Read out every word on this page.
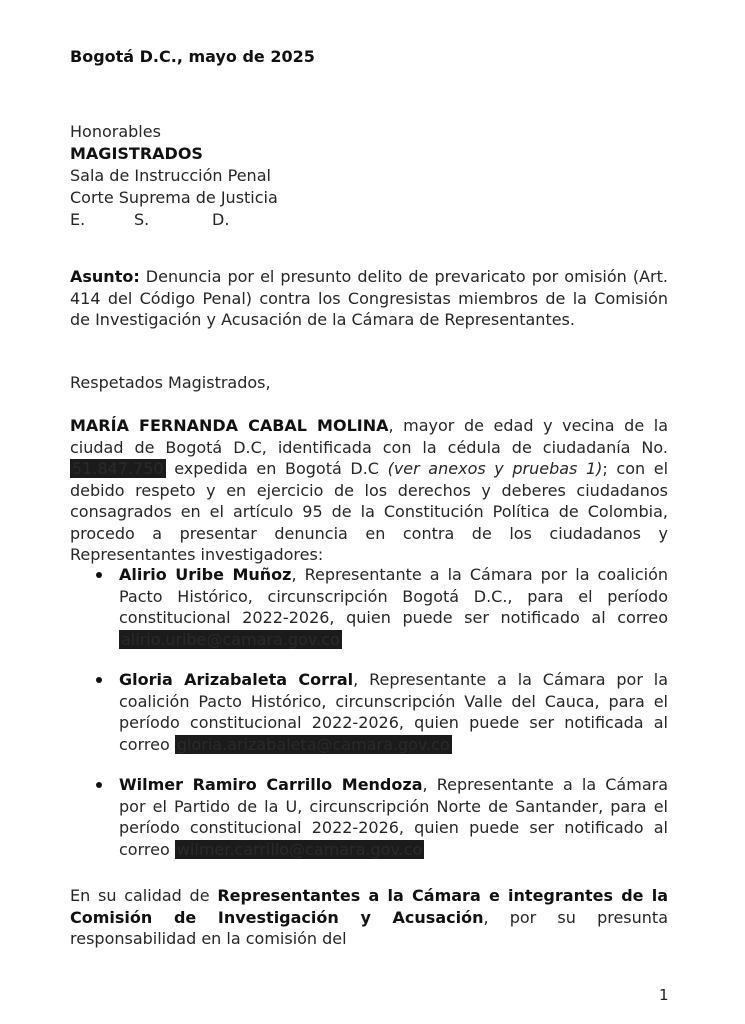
Bogotá D.C., mayo de 2025
Honorables
MAGISTRADOS
Sala de Instrucción Penal
Corte Suprema de Justicia
E.	S.	D.
Asunto: Denuncia por el presunto delito de prevaricato por omisión (Art. 414 del Código Penal) contra los Congresistas miembros de la Comisión de Investigación y Acusación de la Cámara de Representantes.
Respetados Magistrados,
MARÍA FERNANDA CABAL MOLINA, mayor de edad y vecina de la ciudad de Bogotá D.C, identificada con la cédula de ciudadanía No. 51.847.750 expedida en Bogotá D.C (ver anexos y pruebas 1); con el debido respeto y en ejercicio de los derechos y deberes ciudadanos consagrados en el artículo 95 de la Constitución Política de Colombia, procedo a presentar denuncia en contra de los ciudadanos y Representantes investigadores:
Alirio Uribe Muñoz, Representante a la Cámara por la coalición Pacto Histórico, circunscripción Bogotá D.C., para el período constitucional 2022-2026, quien puede ser notificado al correo alirio.uribe@camara.gov.co
Gloria Arizabaleta Corral, Representante a la Cámara por la coalición Pacto Histórico, circunscripción Valle del Cauca, para el período constitucional 2022-2026, quien puede ser notificada al correo gloria.arizabaleta@camara.gov.co
Wilmer Ramiro Carrillo Mendoza, Representante a la Cámara por el Partido de la U, circunscripción Norte de Santander, para el período constitucional 2022-2026, quien puede ser notificado al correo wilmer.carrillo@camara.gov.co
En su calidad de Representantes a la Cámara e integrantes de la Comisión de Investigación y Acusación, por su presunta responsabilidad en la comisión del
1
